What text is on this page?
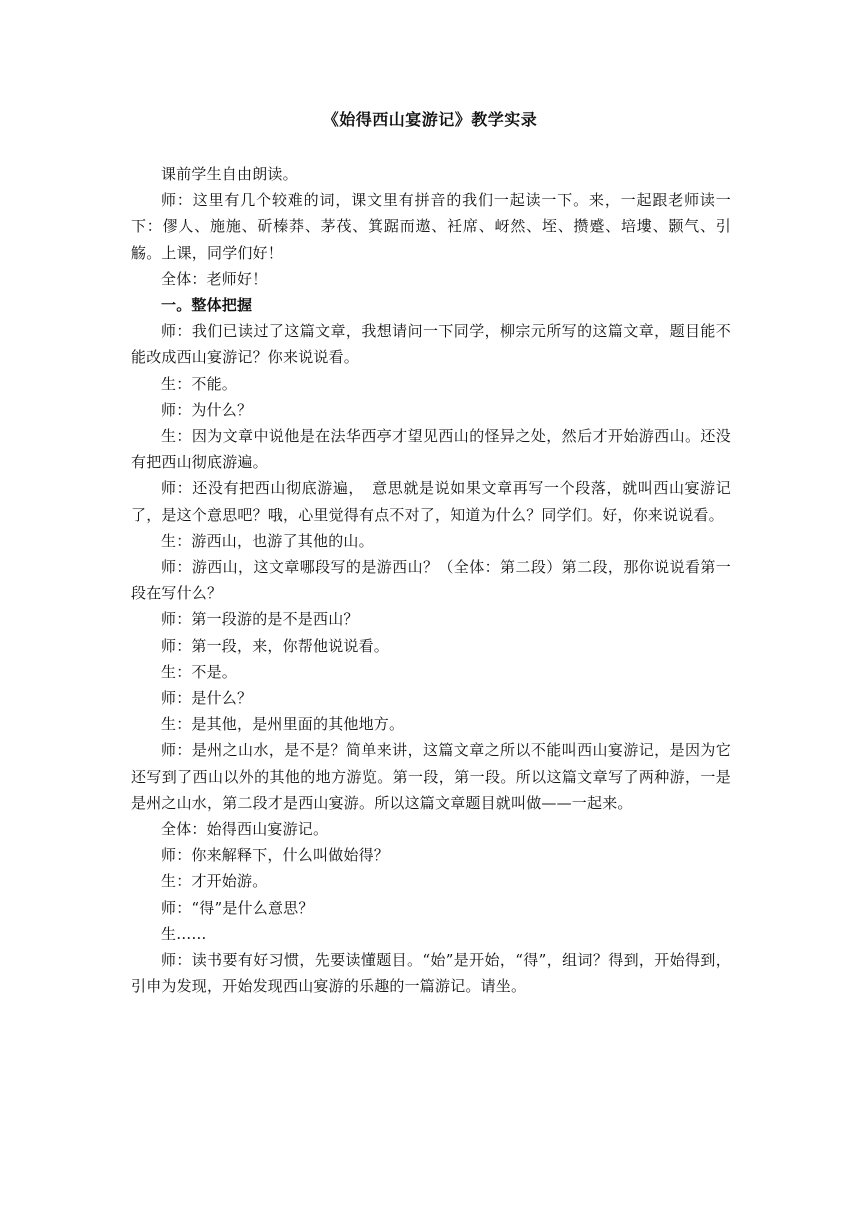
《始得西山宴游记》教学实录

课前学生自由朗读。

师：这里有几个较难的词，课文里有拼音的我们一起读一下。来，一起跟老师读一下：僇人、施施、斫榛莽、茅茷、箕踞而遨、衽席、岈然、垤、攒蹙、培塿、颢气、引觞。上课，同学们好！

全体：老师好！

一。整体把握

师：我们已读过了这篇文章，我想请问一下同学，柳宗元所写的这篇文章，题目能不能改成西山宴游记？你来说说看。

生：不能。

师：为什么？

生：因为文章中说他是在法华西亭才望见西山的怪异之处，然后才开始游西山。还没有把西山彻底游遍。

师：还没有把西山彻底游遍，　意思就是说如果文章再写一个段落，就叫西山宴游记了，是这个意思吧？哦，心里觉得有点不对了，知道为什么？同学们。好，你来说说看。

生：游西山，也游了其他的山。

师：游西山，这文章哪段写的是游西山？（全体：第二段）第二段，那你说说看第一段在写什么？

师：第一段游的是不是西山？

师：第一段，来，你帮他说说看。

生：不是。

师：是什么？

生：是其他，是州里面的其他地方。

师：是州之山水，是不是？简单来讲，这篇文章之所以不能叫西山宴游记，是因为它还写到了西山以外的其他的地方游览。第一段，第一段。所以这篇文章写了两种游，一是是州之山水，第二段才是西山宴游。所以这篇文章题目就叫做——一起来。

全体：始得西山宴游记。

师：你来解释下，什么叫做始得？

生：才开始游。

师：“得”是什么意思？

生……

师：读书要有好习惯，先要读懂题目。“始”是开始，“得”，组词？得到，开始得到，引申为发现，开始发现西山宴游的乐趣的一篇游记。请坐。
